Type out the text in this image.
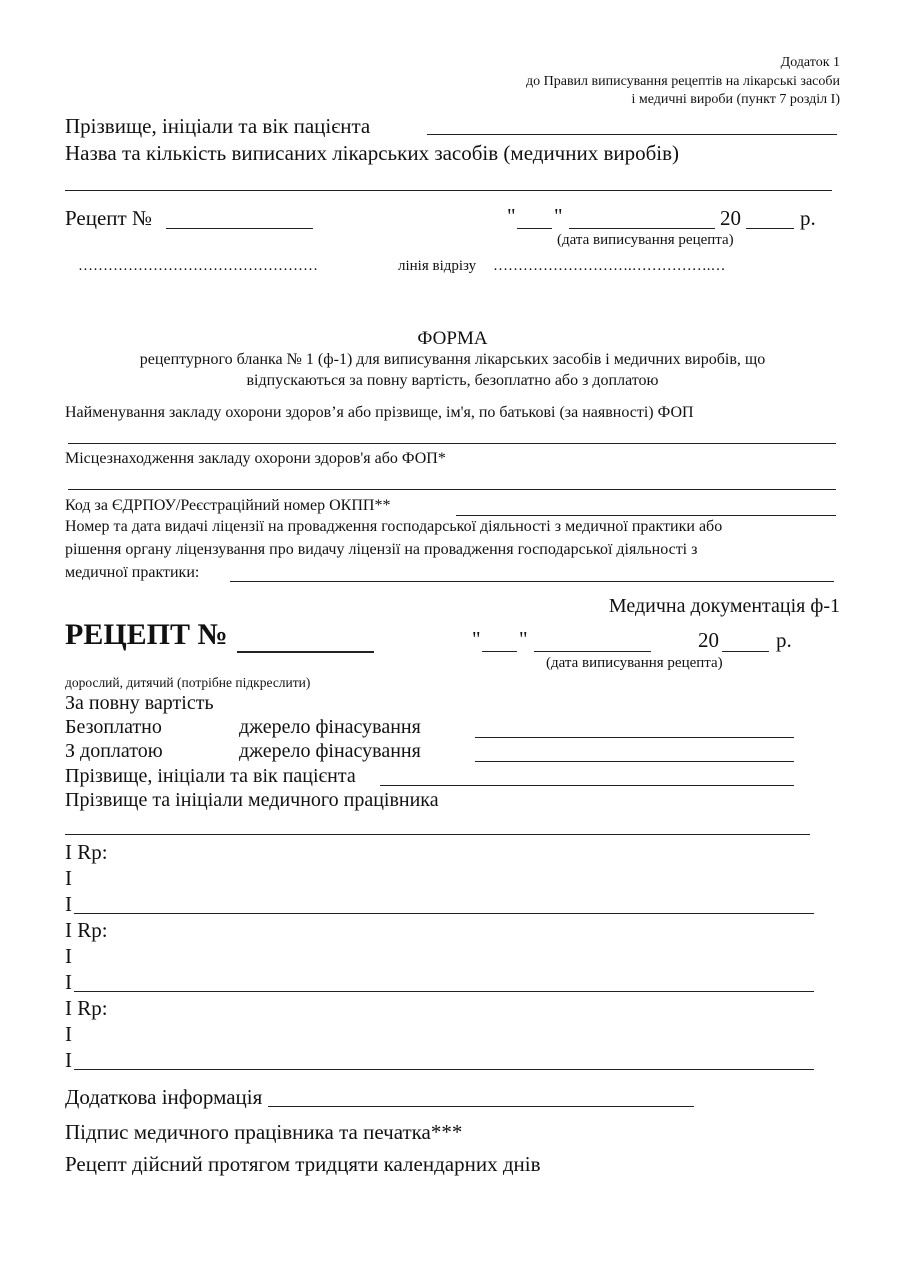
Додаток 1
до Правил виписування рецептів на лікарські засоби
і медичні вироби (пункт 7 розділ І)
Прізвище, ініціали та вік пацієнта
Назва та кількість виписаних лікарських засобів (медичних виробів)
Рецепт №	" "	20	р.
(дата виписування рецепта)
…………………………………………	лінія відрізу ……………………….…………….…
ФОРМА
рецептурного бланка № 1 (ф-1) для виписування лікарських засобів і медичних виробів, що
відпускаються за повну вартість, безоплатно або з доплатою
Найменування закладу охорони здоров’я або прізвище, ім'я, по батькові (за наявності) ФОП
Місцезнаходження закладу охорони здоров'я або ФОП*
Код за ЄДРПОУ/Реєстраційний номер ОКПП**
Номер та дата видачі ліцензії на провадження господарської діяльності з медичної практики або
рішення органу ліцензування про видачу ліцензії на провадження господарської діяльності з
медичної практики:
Медична документація ф-1
РЕЦЕПТ №	" "	20	р.
(дата виписування рецепта)
дорослий, дитячий (потрібне підкреслити)
За повну вартість
Безоплатно	джерело фінасування
З доплатою	джерело фінасування
Прізвище, ініціали та вік пацієнта
Прізвище та ініціали медичного працівника
I Rp:
I
I
I Rp:
I
I
I Rp:
I
I
Додаткова інформація
Підпис медичного працівника та печатка***
Рецепт дійсний протягом тридцяти календарних днів
